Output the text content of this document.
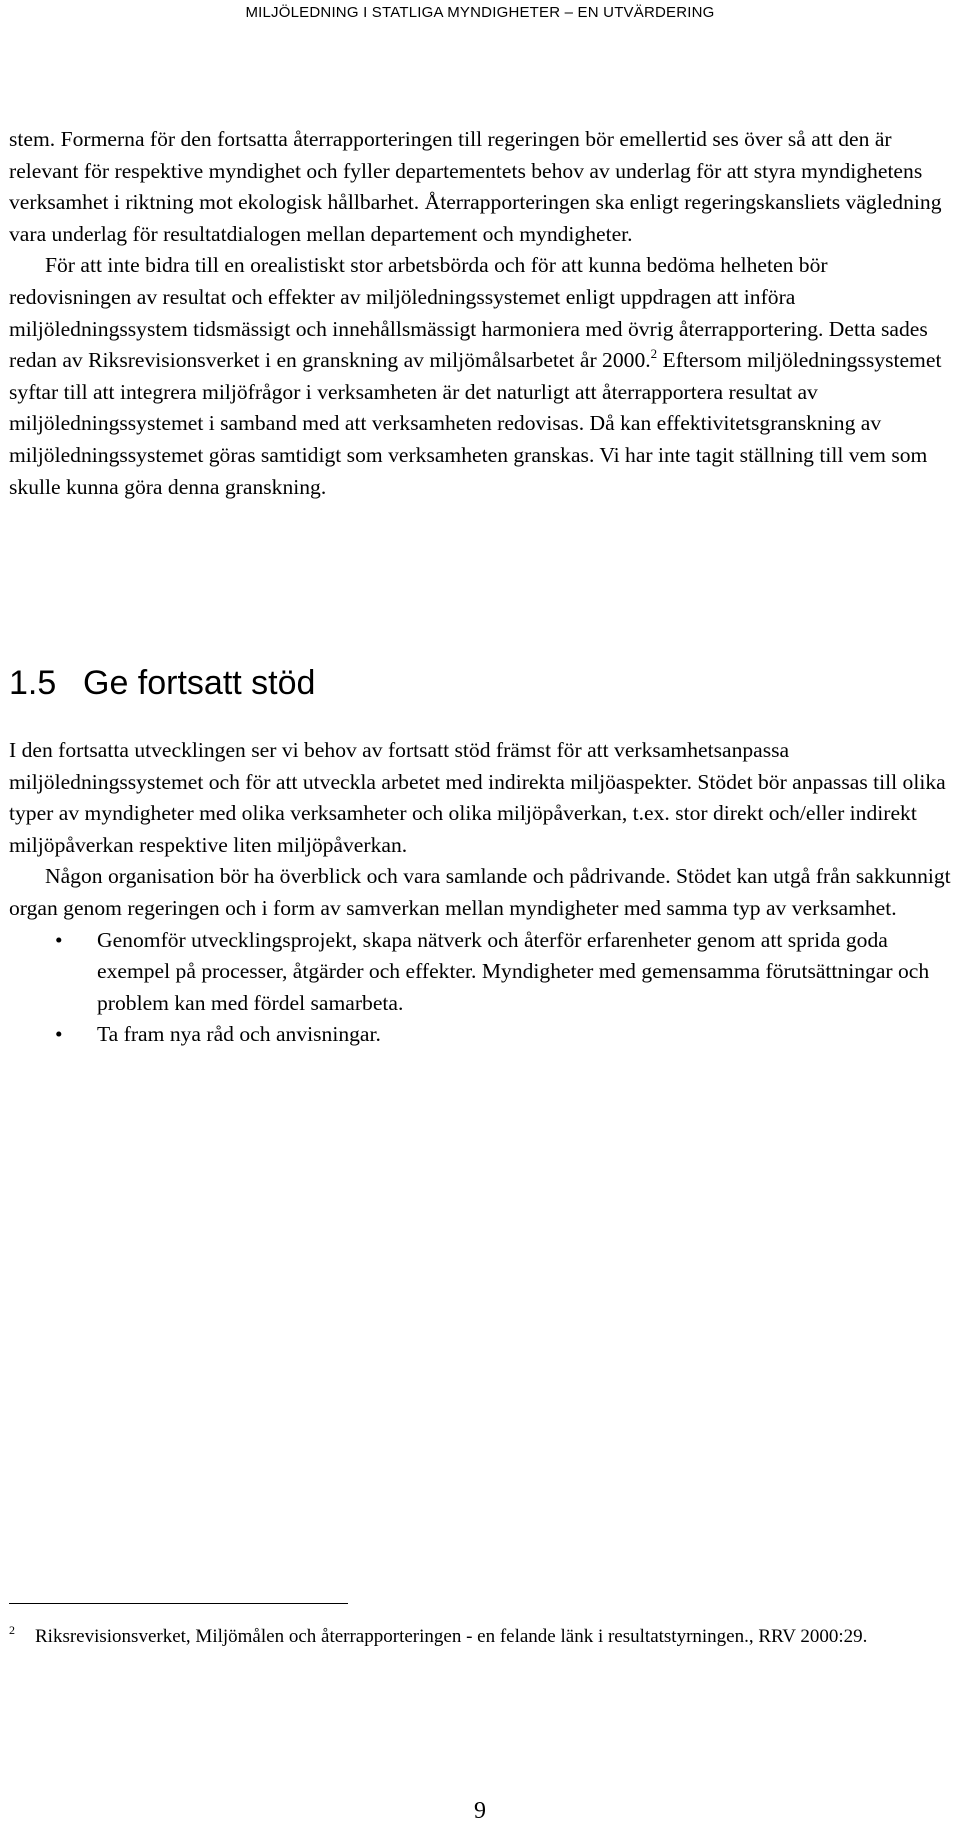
MILJÖLEDNING I STATLIGA MYNDIGHETER – EN UTVÄRDERING

stem. Formerna för den fortsatta återrapporteringen till regeringen bör emellertid ses över så att den är relevant för respektive myndighet och fyller departementets behov av underlag för att styra myndighetens verksamhet i riktning mot ekologisk hållbarhet. Återrapporteringen ska enligt regeringskansliets vägledning vara underlag för resultatdialogen mellan departement och myndigheter.

För att inte bidra till en orealistiskt stor arbetsbörda och för att kunna bedöma helheten bör redovisningen av resultat och effekter av miljöledningssystemet enligt uppdragen att införa miljöledningssystem tidsmässigt och innehållsmässigt harmoniera med övrig återrapportering. Detta sades redan av Riksrevisionsverket i en granskning av miljömålsarbetet år 2000.$^2$ Eftersom miljöledningssystemet syftar till att integrera miljöfrågor i verksamheten är det naturligt att återrapportera resultat av miljöledningssystemet i samband med att verksamheten redovisas. Då kan effektivitetsgranskning av miljöledningssystemet göras samtidigt som verksamheten granskas. Vi har inte tagit ställning till vem som skulle kunna göra denna granskning.

1.5 Ge fortsatt stöd

I den fortsatta utvecklingen ser vi behov av fortsatt stöd främst för att verksamhetsanpassa miljöledningssystemet och för att utveckla arbetet med indirekta miljöaspekter. Stödet bör anpassas till olika typer av myndigheter med olika verksamheter och olika miljöpåverkan, t.ex. stor direkt och/eller indirekt miljöpåverkan respektive liten miljöpåverkan.

Någon organisation bör ha överblick och vara samlande och pådrivande. Stödet kan utgå från sakkunnigt organ genom regeringen och i form av samverkan mellan myndigheter med samma typ av verksamhet.

• Genomför utvecklingsprojekt, skapa nätverk och återför erfarenheter genom att sprida goda exempel på processer, åtgärder och effekter. Myndigheter med gemensamma förutsättningar och problem kan med fördel samarbeta.
• Ta fram nya råd och anvisningar.
2 Riksrevisionsverket, Miljömålen och återrapporteringen - en felande länk i resultatstyrningen., RRV 2000:29.
9
